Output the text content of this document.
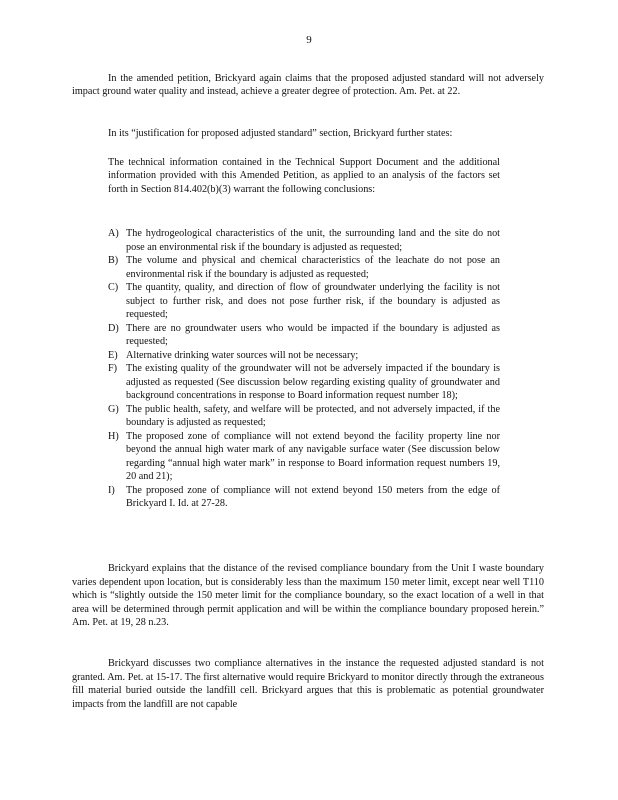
9

In the amended petition, Brickyard again claims that the proposed adjusted standard will not adversely impact ground water quality and instead, achieve a greater degree of protection. Am. Pet. at 22.

In its “justification for proposed adjusted standard” section, Brickyard further states:

The technical information contained in the Technical Support Document and the additional information provided with this Amended Petition, as applied to an analysis of the factors set forth in Section 814.402(b)(3) warrant the following conclusions:

A) The hydrogeological characteristics of the unit, the surrounding land and the site do not pose an environmental risk if the boundary is adjusted as requested;
B) The volume and physical and chemical characteristics of the leachate do not pose an environmental risk if the boundary is adjusted as requested;
C) The quantity, quality, and direction of flow of groundwater underlying the facility is not subject to further risk, and does not pose further risk, if the boundary is adjusted as requested;
D) There are no groundwater users who would be impacted if the boundary is adjusted as requested;
E) Alternative drinking water sources will not be necessary;
F) The existing quality of the groundwater will not be adversely impacted if the boundary is adjusted as requested (See discussion below regarding existing quality of groundwater and background concentrations in response to Board information request number 18);
G) The public health, safety, and welfare will be protected, and not adversely impacted, if the boundary is adjusted as requested;
H) The proposed zone of compliance will not extend beyond the facility property line nor beyond the annual high water mark of any navigable surface water (See discussion below regarding “annual high water mark” in response to Board information request numbers 19, 20 and 21);
I) The proposed zone of compliance will not extend beyond 150 meters from the edge of Brickyard I. Id. at 27-28.

Brickyard explains that the distance of the revised compliance boundary from the Unit I waste boundary varies dependent upon location, but is considerably less than the maximum 150 meter limit, except near well T110 which is “slightly outside the 150 meter limit for the compliance boundary, so the exact location of a well in that area will be determined through permit application and will be within the compliance boundary proposed herein.” Am. Pet. at 19, 28 n.23.

Brickyard discusses two compliance alternatives in the instance the requested adjusted standard is not granted. Am. Pet. at 15-17. The first alternative would require Brickyard to monitor directly through the extraneous fill material buried outside the landfill cell. Brickyard argues that this is problematic as potential groundwater impacts from the landfill are not capable
